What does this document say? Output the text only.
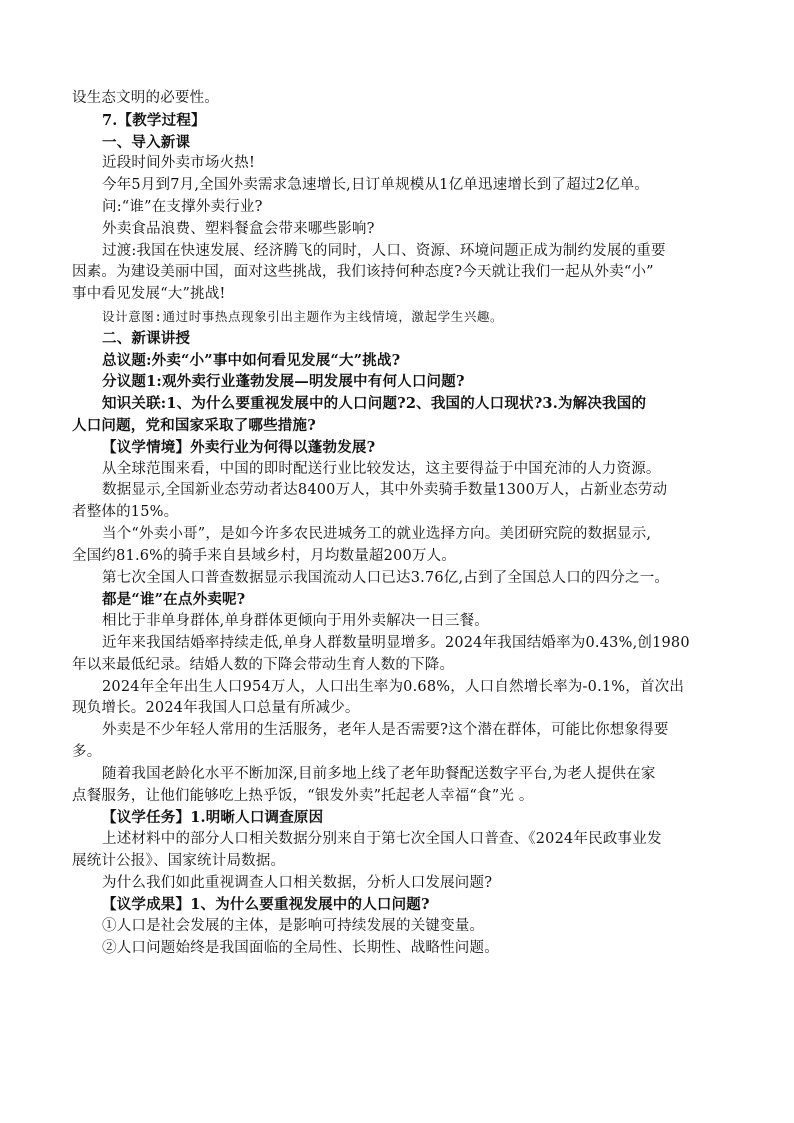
设生态文明的必要性。
7.【教学过程】
一、导入新课
近段时间外卖市场火热!
今年5月到7月,全国外卖需求急速增长,日订单规模从1亿单迅速增长到了超过2亿单。
问:“谁”在支撑外卖行业?
外卖食品浪费、塑料餐盒会带来哪些影响?
过渡:我国在快速发展、经济腾飞的同时，人口、资源、环境问题正成为制约发展的重要
因素。为建设美丽中国，面对这些挑战，我们该持何种态度?今天就让我们一起从外卖“小”
事中看见发展“大”挑战!
设计意图:通过时事热点现象引出主题作为主线情境，激起学生兴趣。
二、新课讲授
总议题:外卖“小”事中如何看见发展“大”挑战?
分议题1:观外卖行业蓬勃发展—明发展中有何人口问题?
知识关联:1、为什么要重视发展中的人口问题?2、我国的人口现状?3.为解决我国的
人口问题，党和国家采取了哪些措施?
【议学情境】外卖行业为何得以蓬勃发展?
从全球范围来看，中国的即时配送行业比较发达，这主要得益于中国充沛的人力资源。
数据显示,全国新业态劳动者达8400万人，其中外卖骑手数量1300万人，占新业态劳动
者整体的15%。
当个“外卖小哥”，是如今许多农民进城务工的就业选择方向。美团研究院的数据显示,
全国约81.6%的骑手来自县域乡村，月均数量超200万人。
第七次全国人口普查数据显示我国流动人口已达3.76亿,占到了全国总人口的四分之一。
都是“谁”在点外卖呢?
相比于非单身群体,单身群体更倾向于用外卖解决一日三餐。
近年来我国结婚率持续走低,单身人群数量明显增多。2024年我国结婚率为0.43%,创1980
年以来最低纪录。结婚人数的下降会带动生育人数的下降。
2024年全年出生人口954万人，人口出生率为0.68%，人口自然增长率为-0.1%，首次出
现负增长。2024年我国人口总量有所减少。
外卖是不少年轻人常用的生活服务，老年人是否需要?这个潜在群体，可能比你想象得要
多。
随着我国老龄化水平不断加深,目前多地上线了老年助餐配送数字平台,为老人提供在家
点餐服务，让他们能够吃上热乎饭，“银发外卖”托起老人幸福“食”光 。
【议学任务】1.明晰人口调查原因
上述材料中的部分人口相关数据分别来自于第七次全国人口普查、《2024年民政事业发
展统计公报》、国家统计局数据。
为什么我们如此重视调查人口相关数据，分析人口发展问题?
【议学成果】1、为什么要重视发展中的人口问题?
①人口是社会发展的主体，是影响可持续发展的关键变量。
②人口问题始终是我国面临的全局性、长期性、战略性问题。
